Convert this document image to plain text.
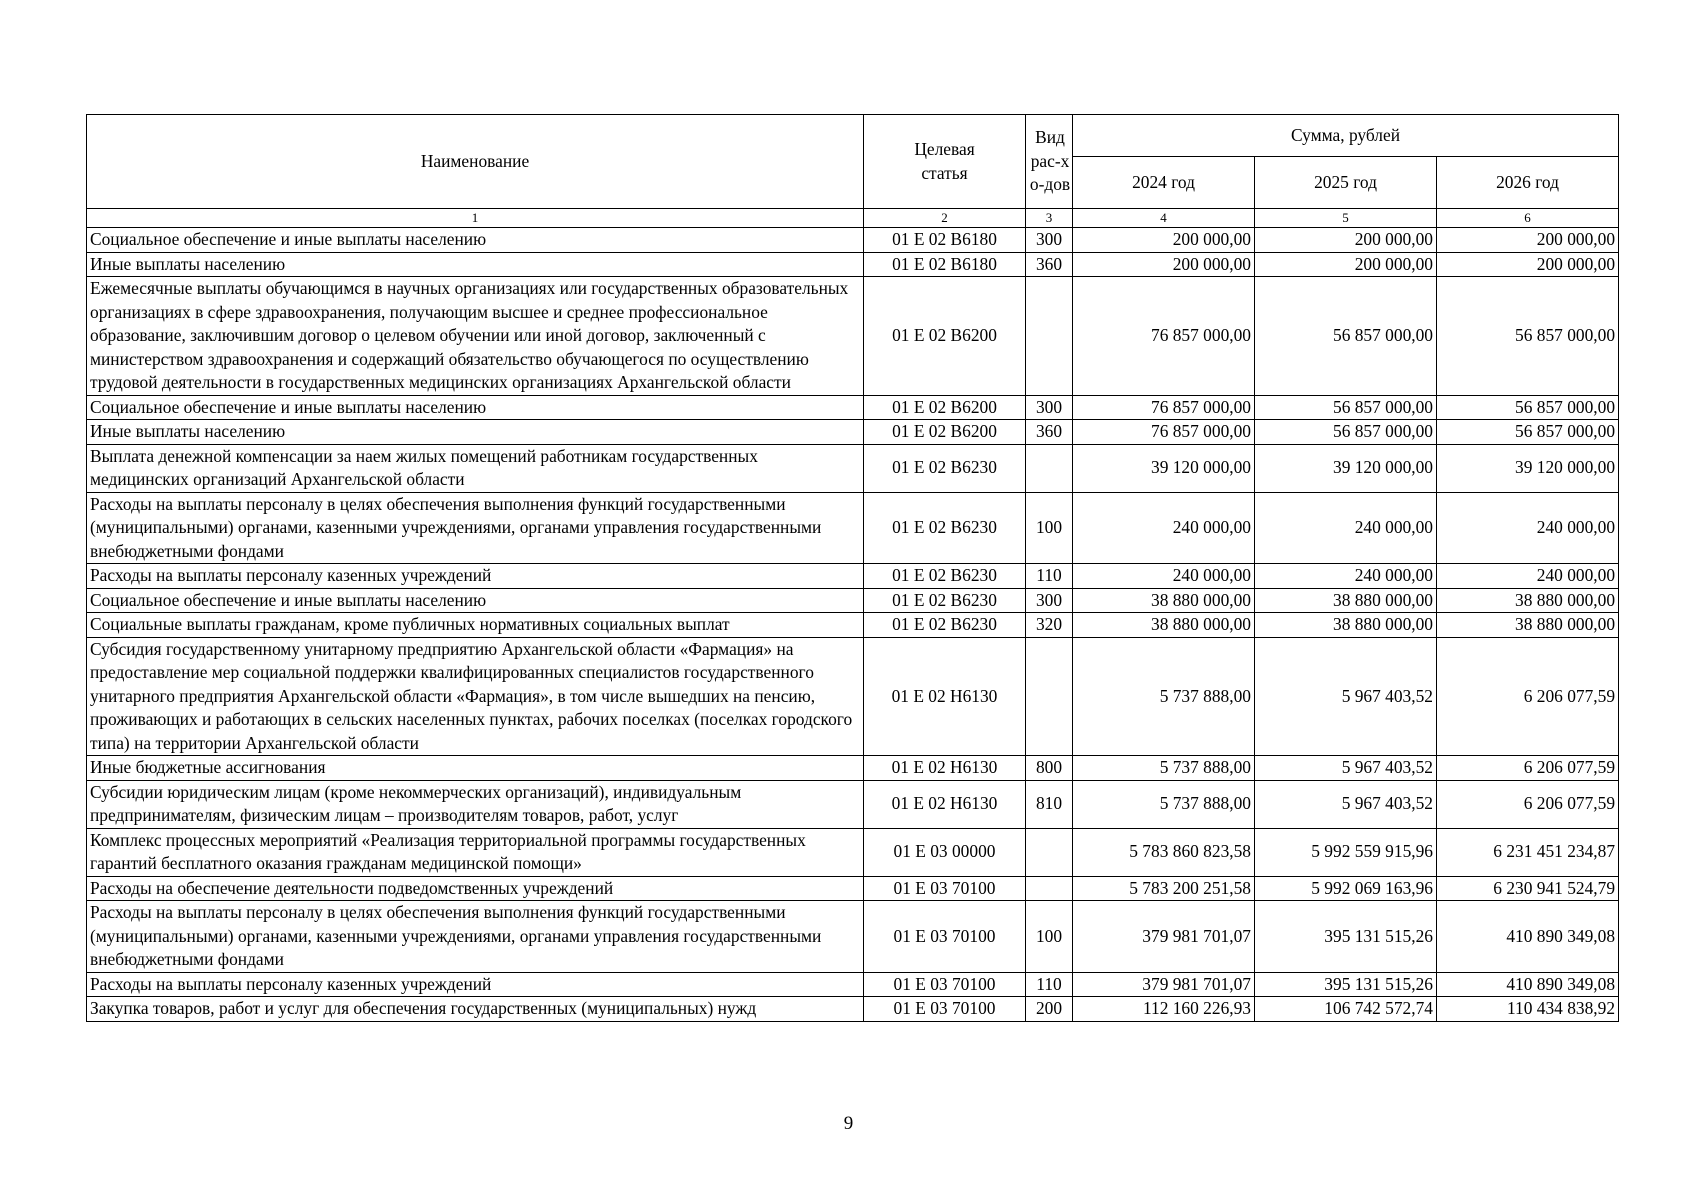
Наименование	Целевая статья	Вид рас-хо-дов	Сумма, рублей		
			2024 год	2025 год	2026 год
1	2	3	4	5	6
Социальное обеспечение и иные выплаты населению	01 Е 02 В6180	300	200 000,00	200 000,00	200 000,00
Иные выплаты населению	01 Е 02 В6180	360	200 000,00	200 000,00	200 000,00
Ежемесячные выплаты обучающимся в научных организациях или государственных образовательных организациях в сфере здравоохранения, получающим высшее и среднее профессиональное образование, заключившим договор о целевом обучении или иной договор, заключенный с министерством здравоохранения и содержащий обязательство обучающегося по осуществлению трудовой деятельности в государственных медицинских организациях Архангельской области	01 Е 02 В6200		76 857 000,00	56 857 000,00	56 857 000,00
Социальное обеспечение и иные выплаты населению	01 Е 02 В6200	300	76 857 000,00	56 857 000,00	56 857 000,00
Иные выплаты населению	01 Е 02 В6200	360	76 857 000,00	56 857 000,00	56 857 000,00
Выплата денежной компенсации за наем жилых помещений работникам государственных медицинских организаций Архангельской области	01 Е 02 В6230		39 120 000,00	39 120 000,00	39 120 000,00
Расходы на выплаты персоналу в целях обеспечения выполнения функций государственными (муниципальными) органами, казенными учреждениями, органами управления государственными внебюджетными фондами	01 Е 02 В6230	100	240 000,00	240 000,00	240 000,00
Расходы на выплаты персоналу казенных учреждений	01 Е 02 В6230	110	240 000,00	240 000,00	240 000,00
Социальное обеспечение и иные выплаты населению	01 Е 02 В6230	300	38 880 000,00	38 880 000,00	38 880 000,00
Социальные выплаты гражданам, кроме публичных нормативных социальных выплат	01 Е 02 В6230	320	38 880 000,00	38 880 000,00	38 880 000,00
Субсидия государственному унитарному предприятию Архангельской области «Фармация» на предоставление мер социальной поддержки квалифицированных специалистов государственного унитарного предприятия Архангельской области «Фармация», в том числе вышедших на пенсию, проживающих и работающих в сельских населенных пунктах, рабочих поселках (поселках городского типа) на территории Архангельской области	01 Е 02 Н6130		5 737 888,00	5 967 403,52	6 206 077,59
Иные бюджетные ассигнования	01 Е 02 Н6130	800	5 737 888,00	5 967 403,52	6 206 077,59
Субсидии юридическим лицам (кроме некоммерческих организаций), индивидуальным предпринимателям, физическим лицам – производителям товаров, работ, услуг	01 Е 02 Н6130	810	5 737 888,00	5 967 403,52	6 206 077,59
Комплекс процессных мероприятий «Реализация территориальной программы государственных гарантий бесплатного оказания гражданам медицинской помощи»	01 Е 03 00000		5 783 860 823,58	5 992 559 915,96	6 231 451 234,87
Расходы на обеспечение деятельности подведомственных учреждений	01 Е 03 70100		5 783 200 251,58	5 992 069 163,96	6 230 941 524,79
Расходы на выплаты персоналу в целях обеспечения выполнения функций государственными (муниципальными) органами, казенными учреждениями, органами управления государственными внебюджетными фондами	01 Е 03 70100	100	379 981 701,07	395 131 515,26	410 890 349,08
Расходы на выплаты персоналу казенных учреждений	01 Е 03 70100	110	379 981 701,07	395 131 515,26	410 890 349,08
Закупка товаров, работ и услуг для обеспечения государственных (муниципальных) нужд	01 Е 03 70100	200	112 160 226,93	106 742 572,74	110 434 838,92
9
